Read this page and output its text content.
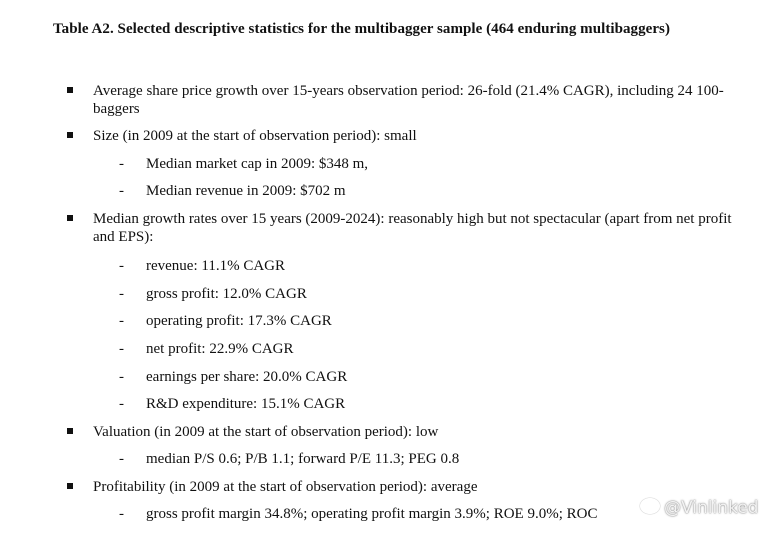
Table A2. Selected descriptive statistics for the multibagger sample (464 enduring multibaggers)
Average share price growth over 15-years observation period: 26-fold (21.4% CAGR), including 24 100-baggers
Size (in 2009 at the start of observation period): small
- Median market cap in 2009: $348 m,
- Median revenue in 2009: $702 m
Median growth rates over 15 years (2009-2024): reasonably high but not spectacular (apart from net profit and EPS):
- revenue: 11.1% CAGR
- gross profit: 12.0% CAGR
- operating profit: 17.3% CAGR
- net profit: 22.9% CAGR
- earnings per share: 20.0% CAGR
- R&D expenditure: 15.1% CAGR
Valuation (in 2009 at the start of observation period): low
- median P/S 0.6; P/B 1.1; forward P/E 11.3; PEG 0.8
Profitability (in 2009 at the start of observation period): average
- gross profit margin 34.8%; operating profit margin 3.9%; ROE 9.0%; ROC	@Vinlinked
